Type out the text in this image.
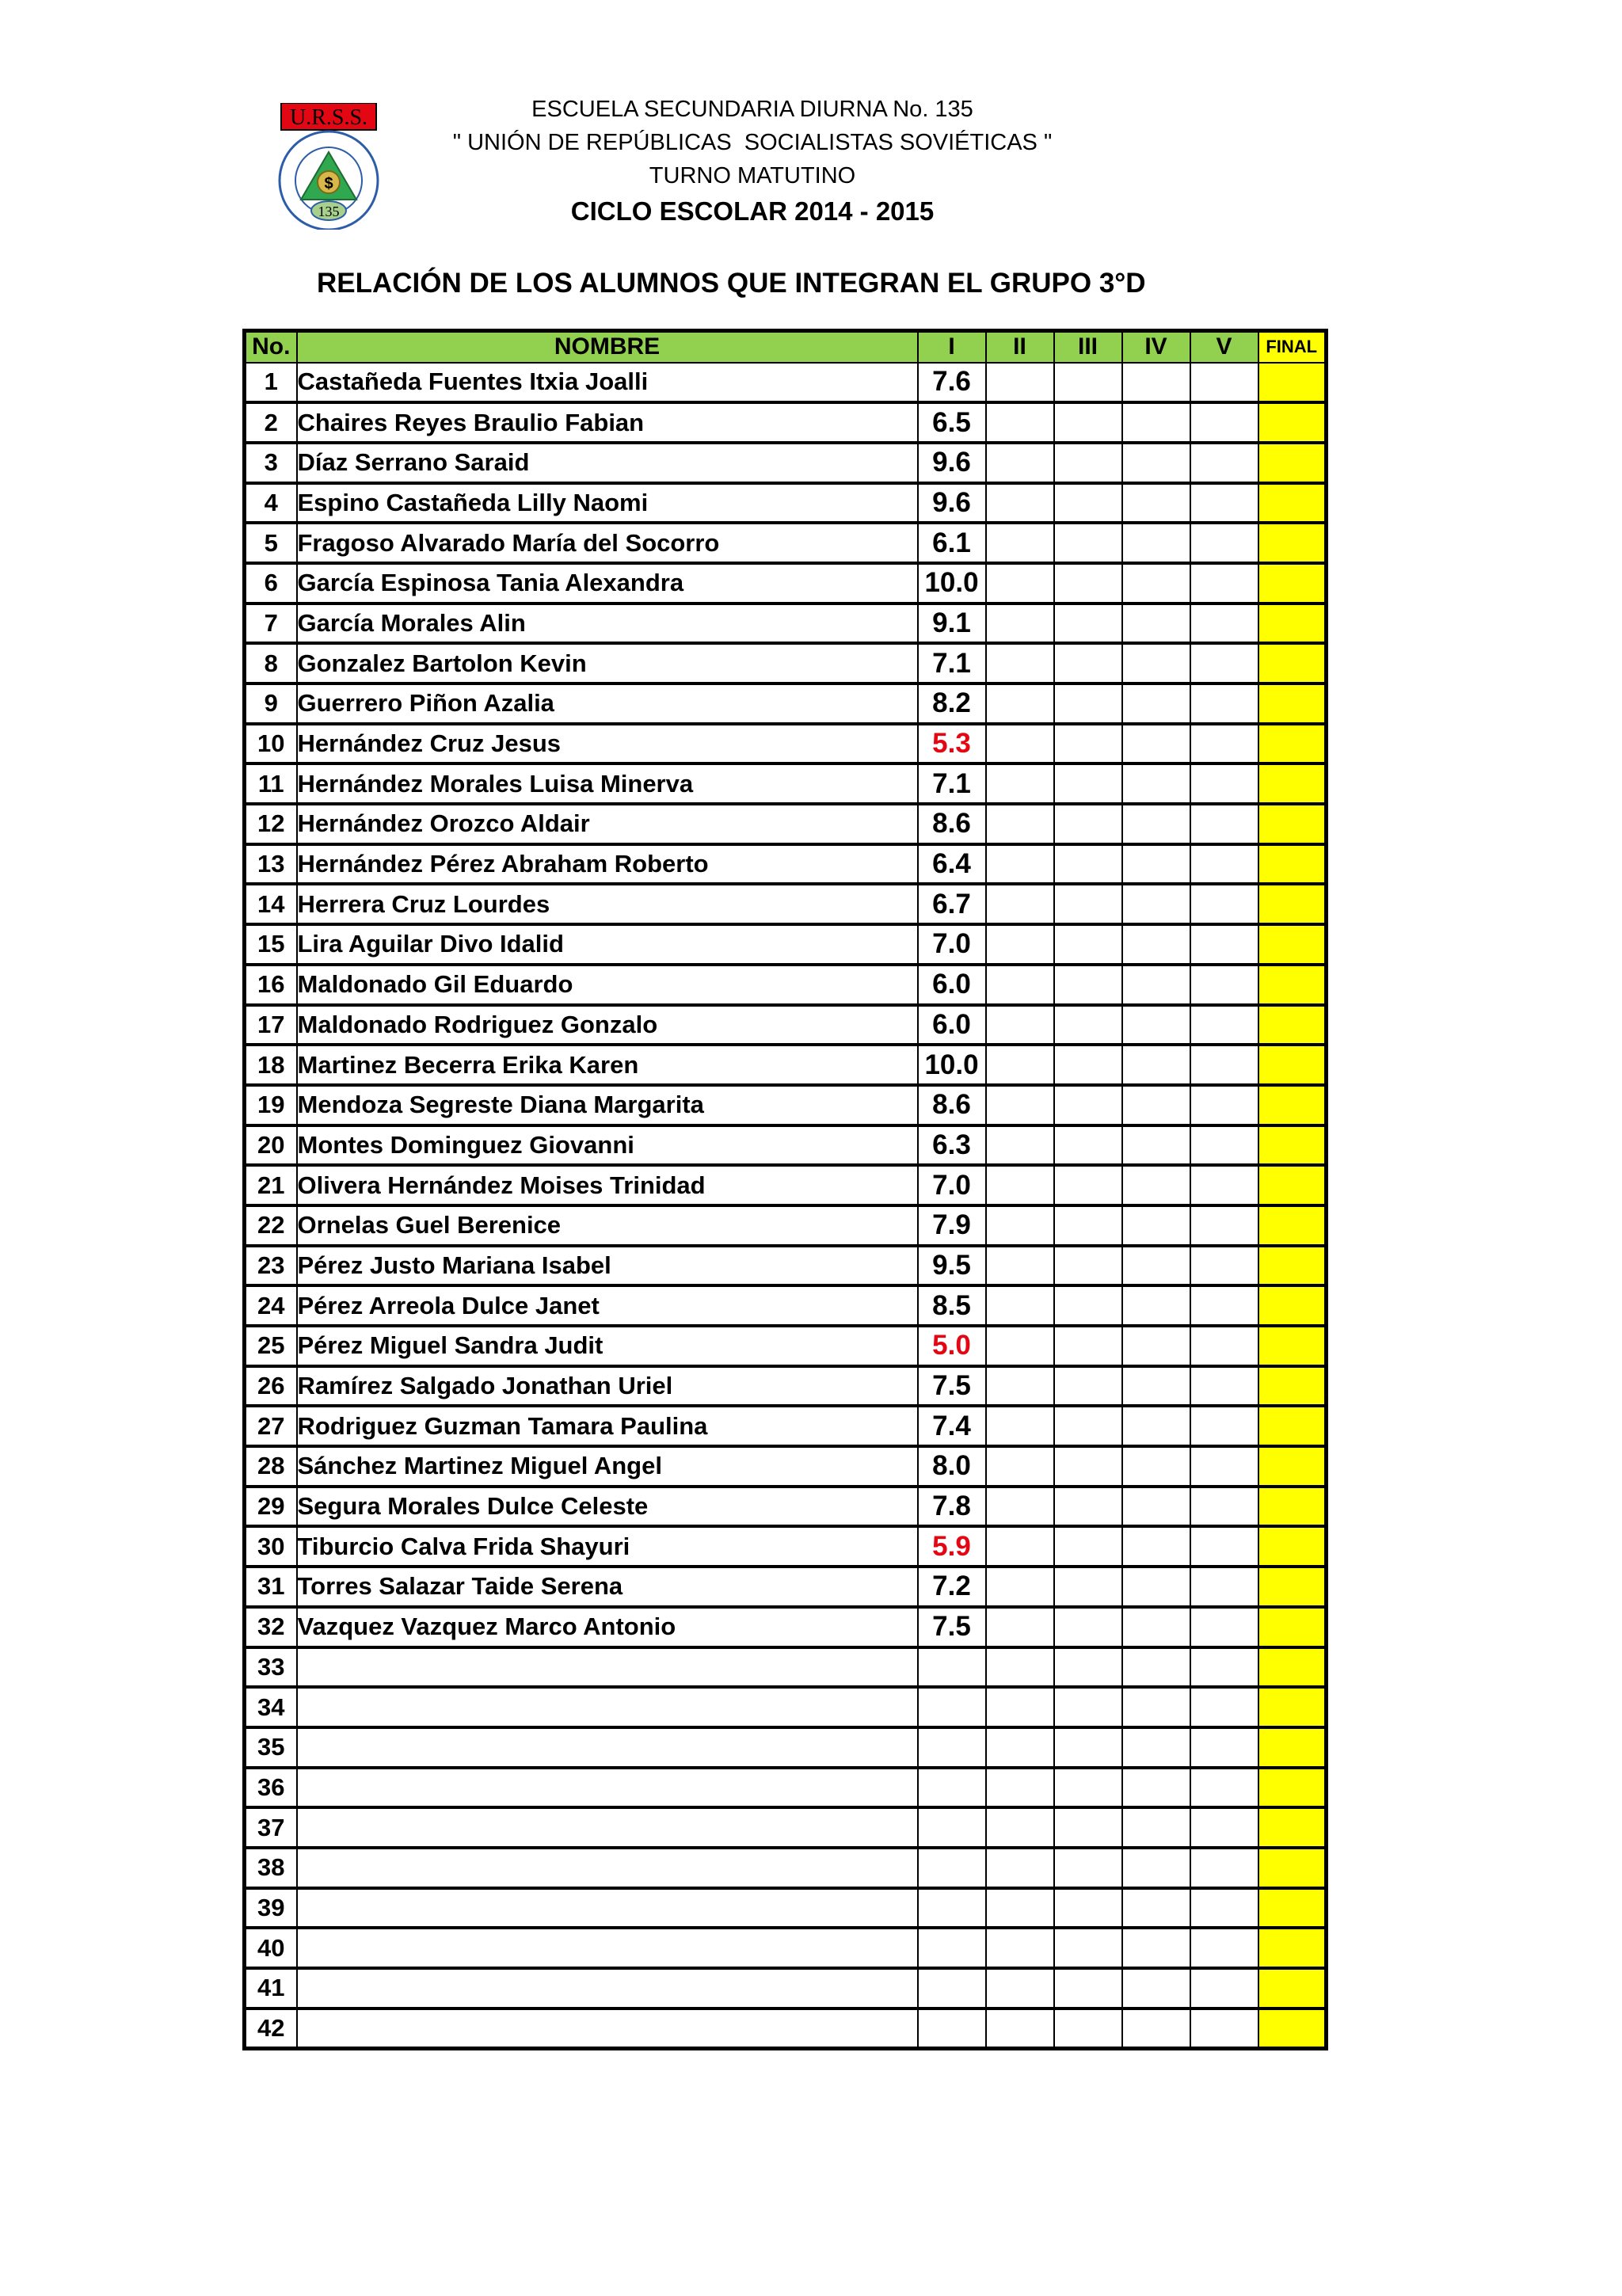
U.R.S.S.
$
135
ESCUELA SECUNDARIA DIURNA No. 135
" UNIÓN DE REPÚBLICAS  SOCIALISTAS SOVIÉTICAS "
TURNO MATUTINO
CICLO ESCOLAR 2014 - 2015
RELACIÓN DE LOS ALUMNOS QUE INTEGRAN EL GRUPO 3°D
No.	NOMBRE	I	II	III	IV	V	FINAL
1	Castañeda Fuentes Itxia Joalli	7.6					
2	Chaires Reyes Braulio Fabian	6.5					
3	Díaz Serrano Saraid	9.6					
4	Espino Castañeda Lilly Naomi	9.6					
5	Fragoso Alvarado María del Socorro	6.1					
6	García Espinosa Tania Alexandra	10.0					
7	García Morales Alin	9.1					
8	Gonzalez Bartolon Kevin	7.1					
9	Guerrero Piñon Azalia	8.2					
10	Hernández Cruz Jesus	5.3					
11	Hernández Morales Luisa Minerva	7.1					
12	Hernández Orozco Aldair	8.6					
13	Hernández Pérez Abraham Roberto	6.4					
14	Herrera Cruz Lourdes	6.7					
15	Lira Aguilar Divo Idalid	7.0					
16	Maldonado Gil Eduardo	6.0					
17	Maldonado Rodriguez Gonzalo	6.0					
18	Martinez Becerra Erika Karen	10.0					
19	Mendoza Segreste Diana Margarita	8.6					
20	Montes Dominguez Giovanni	6.3					
21	Olivera Hernández Moises Trinidad	7.0					
22	Ornelas Guel Berenice	7.9					
23	Pérez Justo Mariana Isabel	9.5					
24	Pérez Arreola Dulce Janet	8.5					
25	Pérez Miguel Sandra Judit	5.0					
26	Ramírez Salgado Jonathan Uriel	7.5					
27	Rodriguez Guzman Tamara Paulina	7.4					
28	Sánchez Martinez Miguel Angel	8.0					
29	Segura Morales Dulce Celeste	7.8					
30	Tiburcio Calva Frida Shayuri	5.9					
31	Torres Salazar Taide Serena	7.2					
32	Vazquez Vazquez Marco Antonio	7.5					
33							
34							
35							
36							
37							
38							
39							
40							
41							
42							
